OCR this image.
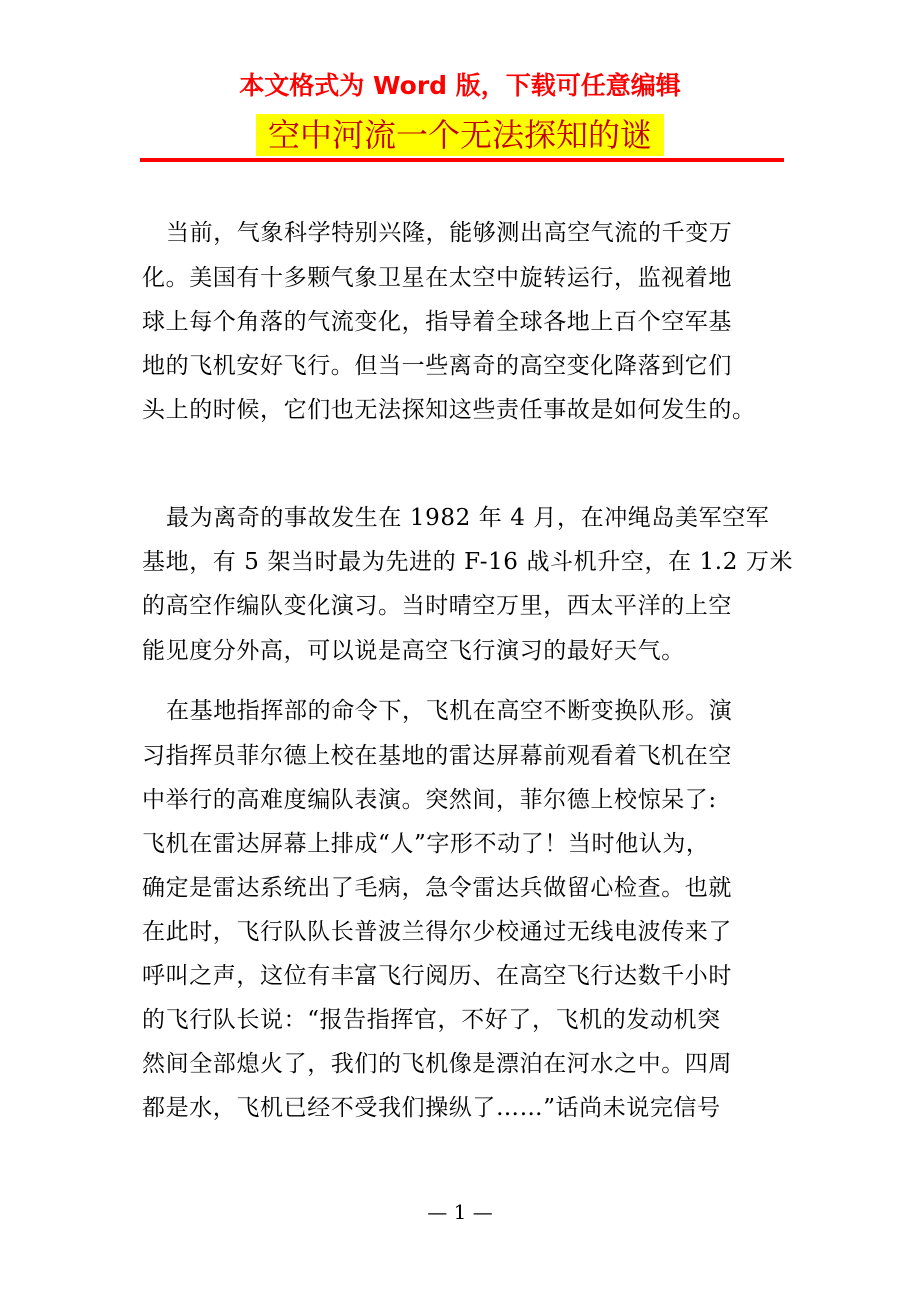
本文格式为 Word 版，下载可任意编辑
空中河流一个无法探知的谜
当前，气象科学特别兴隆，能够测出高空气流的千变万
化。美国有十多颗气象卫星在太空中旋转运行，监视着地
球上每个角落的气流变化，指导着全球各地上百个空军基
地的飞机安好飞行。但当一些离奇的高空变化降落到它们
头上的时候，它们也无法探知这些责任事故是如何发生的。
最为离奇的事故发生在 1982 年 4 月，在冲绳岛美军空军
基地，有 5 架当时最为先进的 F-16 战斗机升空，在 1.2 万米
的高空作编队变化演习。当时晴空万里，西太平洋的上空
能见度分外高，可以说是高空飞行演习的最好天气。
在基地指挥部的命令下，飞机在高空不断变换队形。演
习指挥员菲尔德上校在基地的雷达屏幕前观看着飞机在空
中举行的高难度编队表演。突然间，菲尔德上校惊呆了:
飞机在雷达屏幕上排成“人”字形不动了！当时他认为，
确定是雷达系统出了毛病，急令雷达兵做留心检查。也就
在此时，飞行队队长普波兰得尔少校通过无线电波传来了
呼叫之声，这位有丰富飞行阅历、在高空飞行达数千小时
的飞行队长说：“报告指挥官，不好了，飞机的发动机突
然间全部熄火了，我们的飞机像是漂泊在河水之中。四周
都是水，飞机已经不受我们操纵了……”话尚未说完信号
— 1 —
